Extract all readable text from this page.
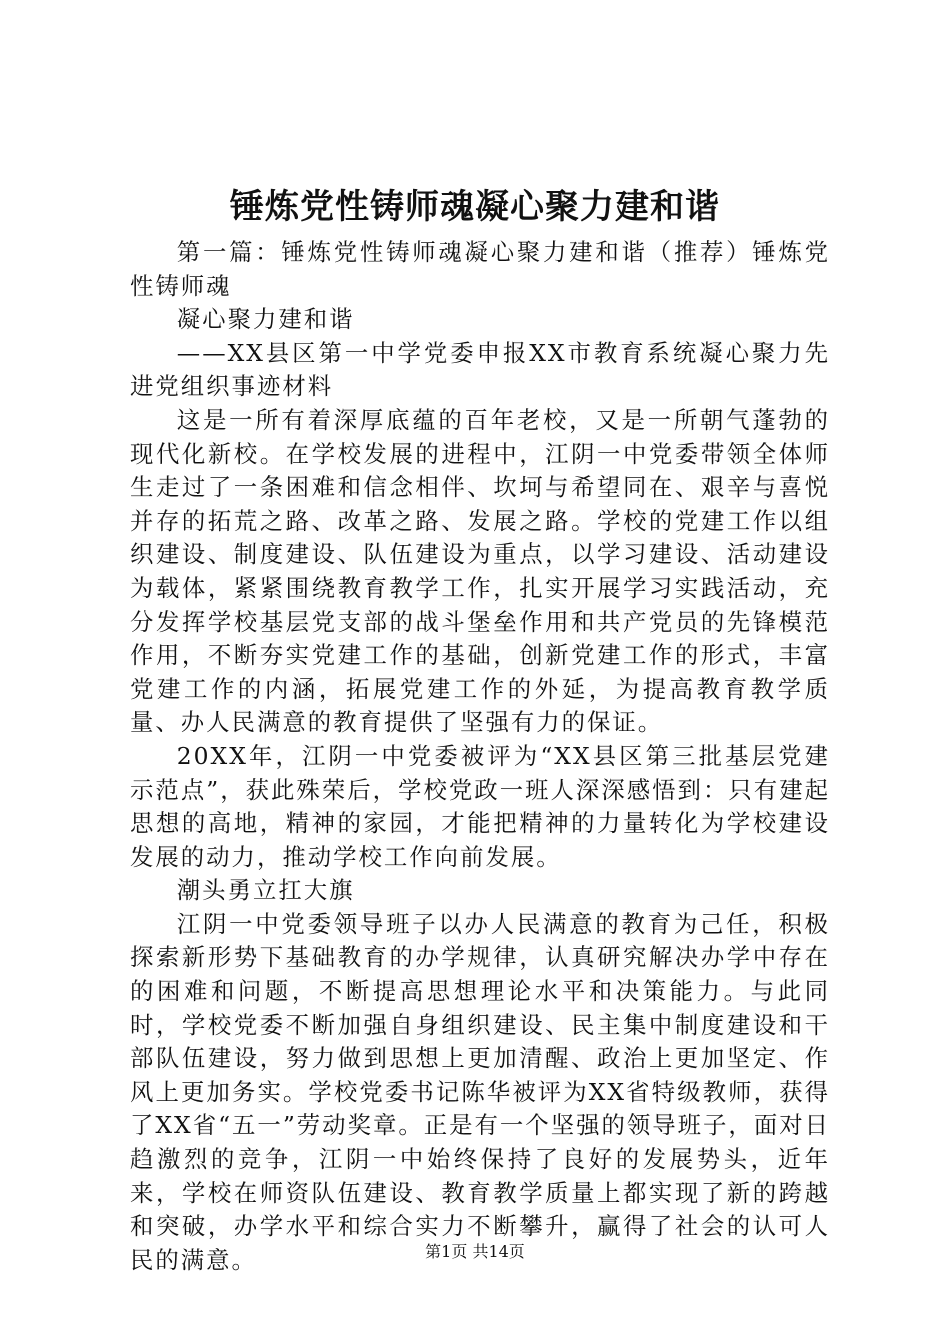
锤炼党性铸师魂凝心聚力建和谐

第一篇：锤炼党性铸师魂凝心聚力建和谐（推荐）锤炼党性铸师魂

凝心聚力建和谐

——XX县区第一中学党委申报XX市教育系统凝心聚力先进党组织事迹材料

这是一所有着深厚底蕴的百年老校，又是一所朝气蓬勃的现代化新校。在学校发展的进程中，江阴一中党委带领全体师生走过了一条困难和信念相伴、坎坷与希望同在、艰辛与喜悦并存的拓荒之路、改革之路、发展之路。学校的党建工作以组织建设、制度建设、队伍建设为重点，以学习建设、活动建设为载体，紧紧围绕教育教学工作，扎实开展学习实践活动，充分发挥学校基层党支部的战斗堡垒作用和共产党员的先锋模范作用，不断夯实党建工作的基础，创新党建工作的形式，丰富党建工作的内涵，拓展党建工作的外延，为提高教育教学质量、办人民满意的教育提供了坚强有力的保证。

20XX年，江阴一中党委被评为“XX县区第三批基层党建示范点”，获此殊荣后，学校党政一班人深深感悟到：只有建起思想的高地，精神的家园，才能把精神的力量转化为学校建设发展的动力，推动学校工作向前发展。

潮头勇立扛大旗

江阴一中党委领导班子以办人民满意的教育为己任，积极探索新形势下基础教育的办学规律，认真研究解决办学中存在的困难和问题，不断提高思想理论水平和决策能力。与此同时，学校党委不断加强自身组织建设、民主集中制度建设和干部队伍建设，努力做到思想上更加清醒、政治上更加坚定、作风上更加务实。学校党委书记陈华被评为XX省特级教师，获得了XX省“五一”劳动奖章。正是有一个坚强的领导班子，面对日趋激烈的竞争，江阴一中始终保持了良好的发展势头，近年来，学校在师资队伍建设、教育教学质量上都实现了新的跨越和突破，办学水平和综合实力不断攀升，赢得了社会的认可人民的满意。	第1页 共14页
